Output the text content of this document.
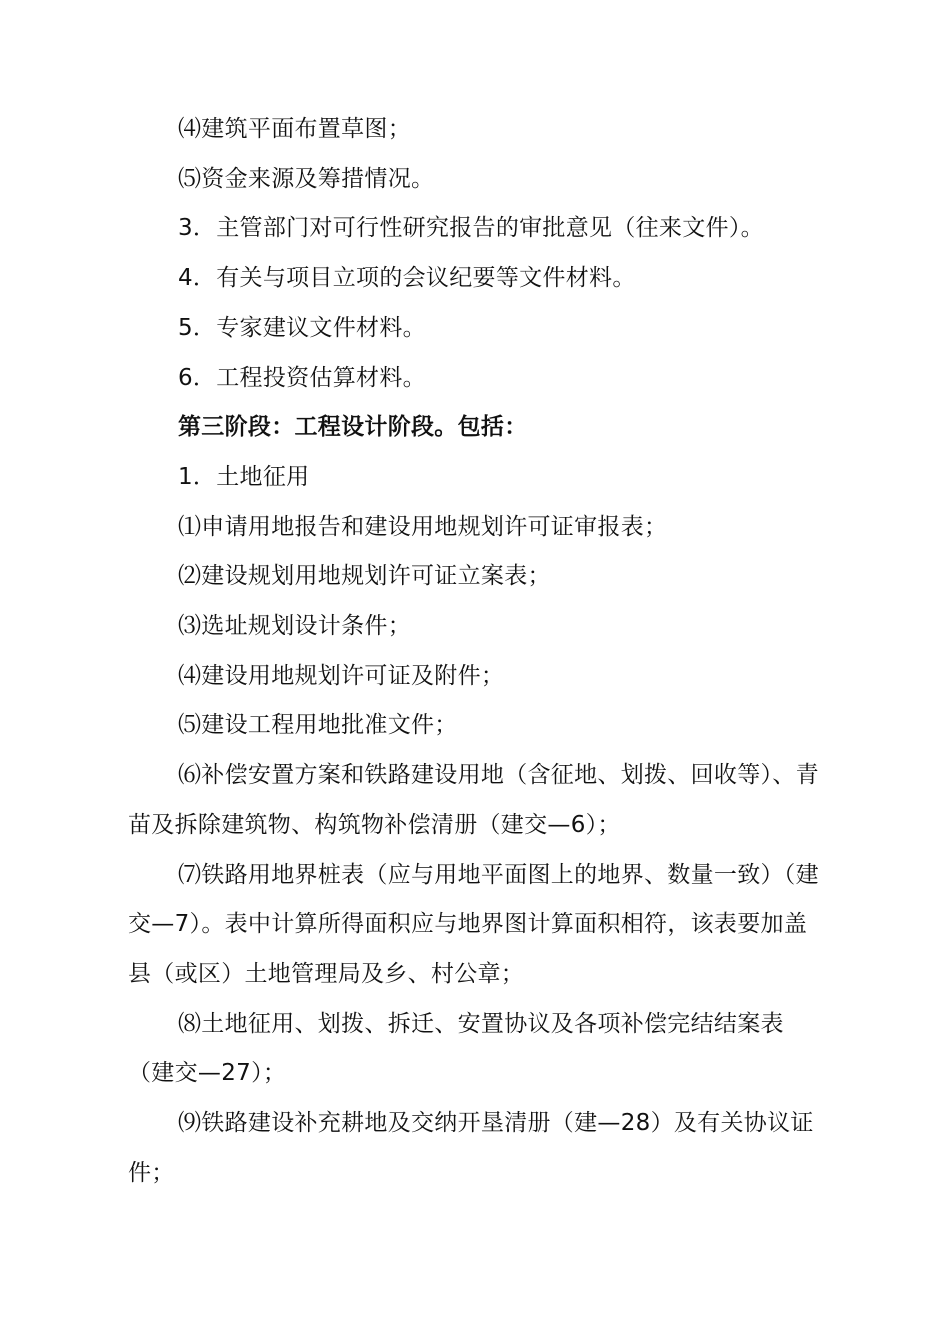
⑷建筑平面布置草图；

⑸资金来源及筹措情况。

3．主管部门对可行性研究报告的审批意见（往来文件）。

4．有关与项目立项的会议纪要等文件材料。

5．专家建议文件材料。

6．工程投资估算材料。

第三阶段：工程设计阶段。包括：

1．土地征用

⑴申请用地报告和建设用地规划许可证审报表；

⑵建设规划用地规划许可证立案表；

⑶选址规划设计条件；

⑷建设用地规划许可证及附件；

⑸建设工程用地批准文件；

⑹补偿安置方案和铁路建设用地（含征地、划拨、回收等）、青苗及拆除建筑物、构筑物补偿清册（建交—6）；

⑺铁路用地界桩表（应与用地平面图上的地界、数量一致）（建交—7）。表中计算所得面积应与地界图计算面积相符，该表要加盖县（或区）土地管理局及乡、村公章；

⑻土地征用、划拨、拆迁、安置协议及各项补偿完结结案表（建交—27）；

⑼铁路建设补充耕地及交纳开垦清册（建—28）及有关协议证件；
